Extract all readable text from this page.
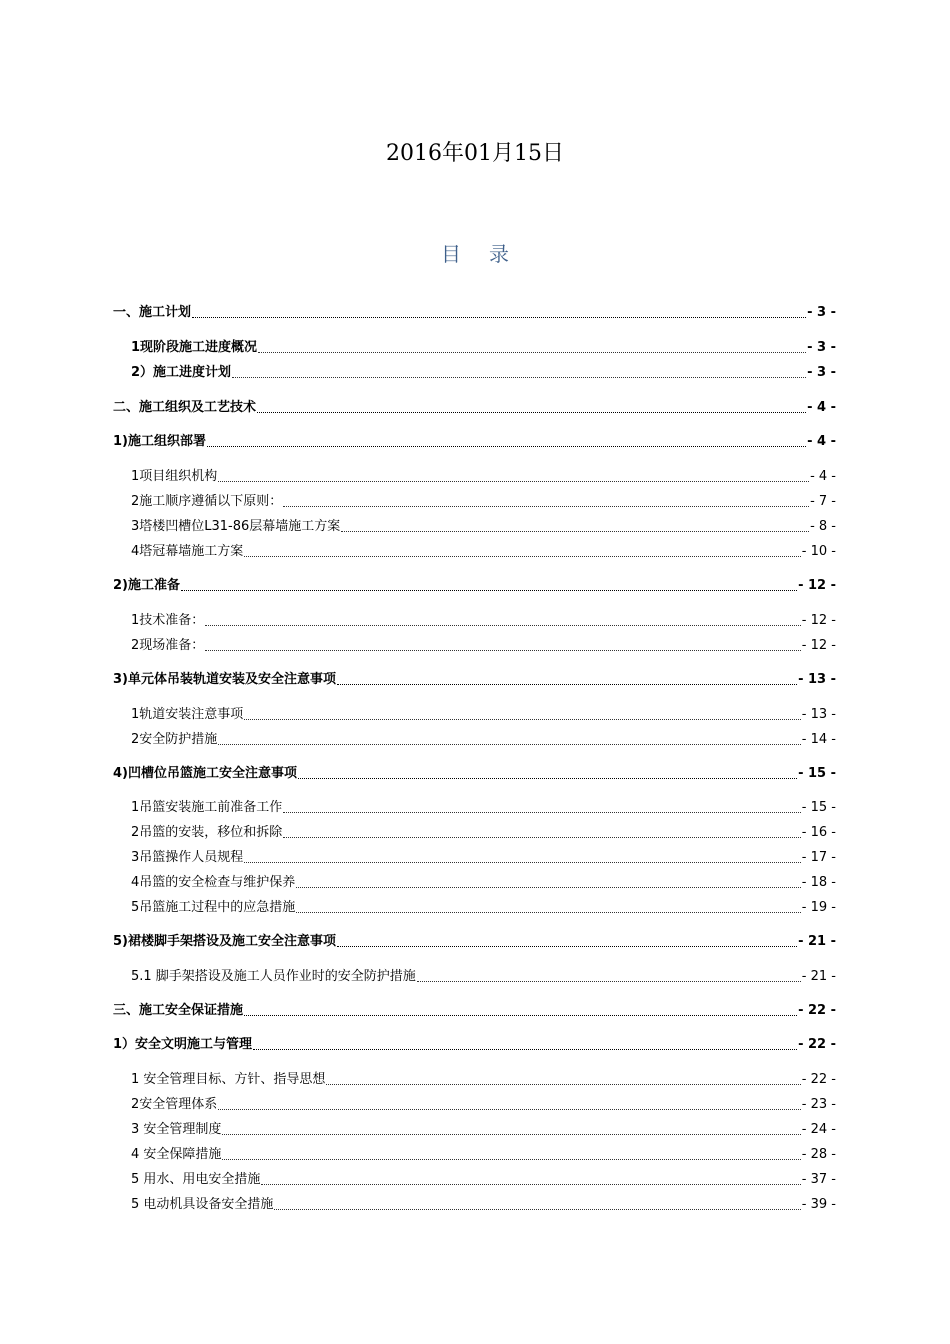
2016年01月15日
目录
一、施工计划	- 3 -
1现阶段施工进度概况	- 3 -
2）施工进度计划	- 3 -
二、施工组织及工艺技术	- 4 -
1)施工组织部署	- 4 -
1项目组织机构	- 4 -
2施工顺序遵循以下原则：	- 7 -
3塔楼凹槽位L31-86层幕墙施工方案	- 8 -
4塔冠幕墙施工方案	- 10 -
2)施工准备	- 12 -
1技术准备：	- 12 -
2现场准备：	- 12 -
3)单元体吊装轨道安装及安全注意事项	- 13 -
1轨道安装注意事项	- 13 -
2安全防护措施	- 14 -
4)凹槽位吊篮施工安全注意事项	- 15 -
1吊篮安装施工前准备工作	- 15 -
2吊篮的安装，移位和拆除	- 16 -
3吊篮操作人员规程	- 17 -
4吊篮的安全检查与维护保养	- 18 -
5吊篮施工过程中的应急措施	- 19 -
5)裙楼脚手架搭设及施工安全注意事项	- 21 -
5.1 脚手架搭设及施工人员作业时的安全防护措施	- 21 -
三、施工安全保证措施	- 22 -
1）安全文明施工与管理	- 22 -
1 安全管理目标、方针、指导思想	- 22 -
2安全管理体系	- 23 -
3 安全管理制度	- 24 -
4 安全保障措施	- 28 -
5 用水、用电安全措施	- 37 -
5 电动机具设备安全措施	- 39 -
